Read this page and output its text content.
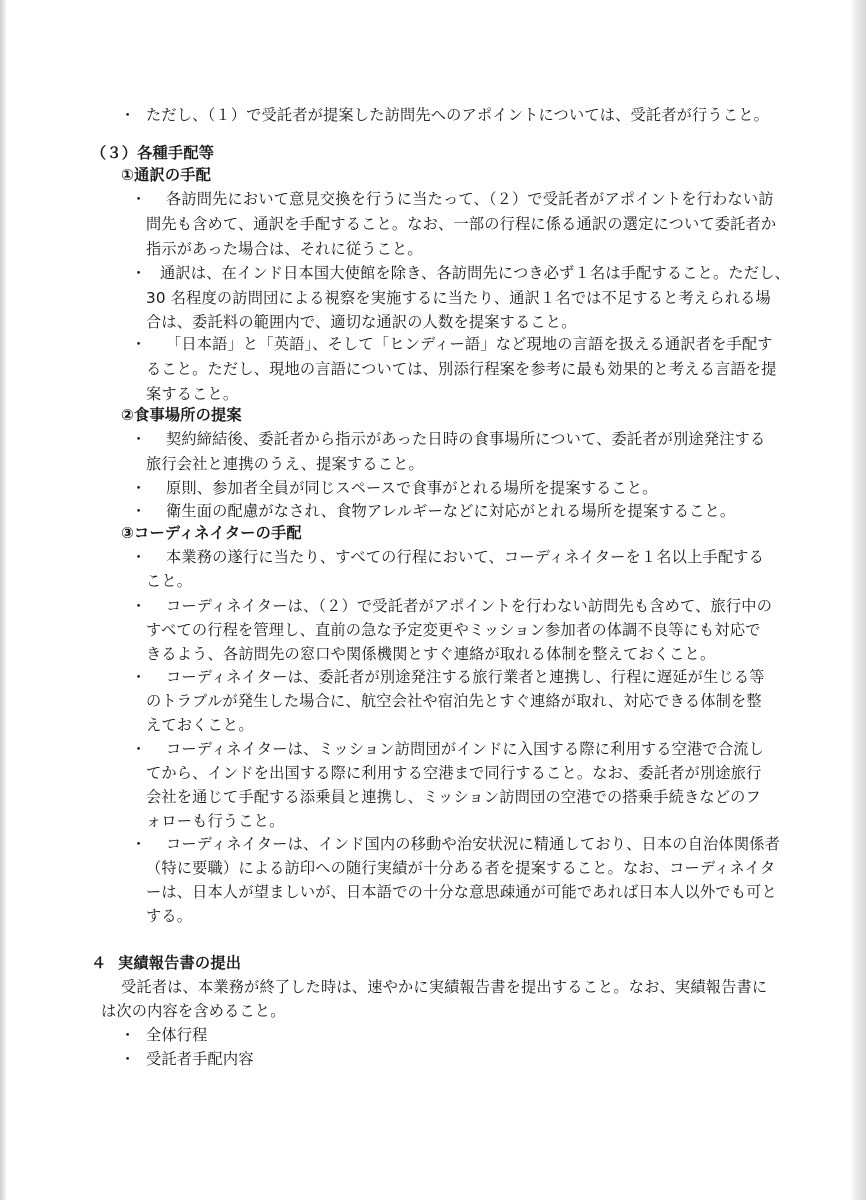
・ ただし、（１）で受託者が提案した訪問先へのアポイントについては、受託者が行うこと。
（３）各種手配等
①通訳の手配
・ 各訪問先において意見交換を行うに当たって、（２）で受託者がアポイントを行わない訪
問先も含めて、通訳を手配すること。なお、一部の行程に係る通訳の選定について委託者か
指示があった場合は、それに従うこと。
・ 通訳は、在インド日本国大使館を除き、各訪問先につき必ず１名は手配すること。ただし、
30 名程度の訪問団による視察を実施するに当たり、通訳１名では不足すると考えられる場
合は、委託料の範囲内で、適切な通訳の人数を提案すること。
・ 「日本語」と「英語」、そして「ヒンディー語」など現地の言語を扱える通訳者を手配す
ること。ただし、現地の言語については、別添行程案を参考に最も効果的と考える言語を提
案すること。
②食事場所の提案
・ 契約締結後、委託者から指示があった日時の食事場所について、委託者が別途発注する
旅行会社と連携のうえ、提案すること。
・ 原則、参加者全員が同じスペースで食事がとれる場所を提案すること。
・ 衛生面の配慮がなされ、食物アレルギーなどに対応がとれる場所を提案すること。
③コーディネイターの手配
・ 本業務の遂行に当たり、すべての行程において、コーディネイターを１名以上手配する
こと。
・ コーディネイターは、（２）で受託者がアポイントを行わない訪問先も含めて、旅行中の
すべての行程を管理し、直前の急な予定変更やミッション参加者の体調不良等にも対応で
きるよう、各訪問先の窓口や関係機関とすぐ連絡が取れる体制を整えておくこと。
・ コーディネイターは、委託者が別途発注する旅行業者と連携し、行程に遅延が生じる等
のトラブルが発生した場合に、航空会社や宿泊先とすぐ連絡が取れ、対応できる体制を整
えておくこと。
・ コーディネイターは、ミッション訪問団がインドに入国する際に利用する空港で合流し
てから、インドを出国する際に利用する空港まで同行すること。なお、委託者が別途旅行
会社を通じて手配する添乗員と連携し、ミッション訪問団の空港での搭乗手続きなどのフ
ォローも行うこと。
・ コーディネイターは、インド国内の移動や治安状況に精通しており、日本の自治体関係者
（特に要職）による訪印への随行実績が十分ある者を提案すること。なお、コーディネイタ
ーは、日本人が望ましいが、日本語での十分な意思疎通が可能であれば日本人以外でも可と
する。
４ 実績報告書の提出
受託者は、本業務が終了した時は、速やかに実績報告書を提出すること。なお、実績報告書に
は次の内容を含めること。
・ 全体行程
・ 受託者手配内容
